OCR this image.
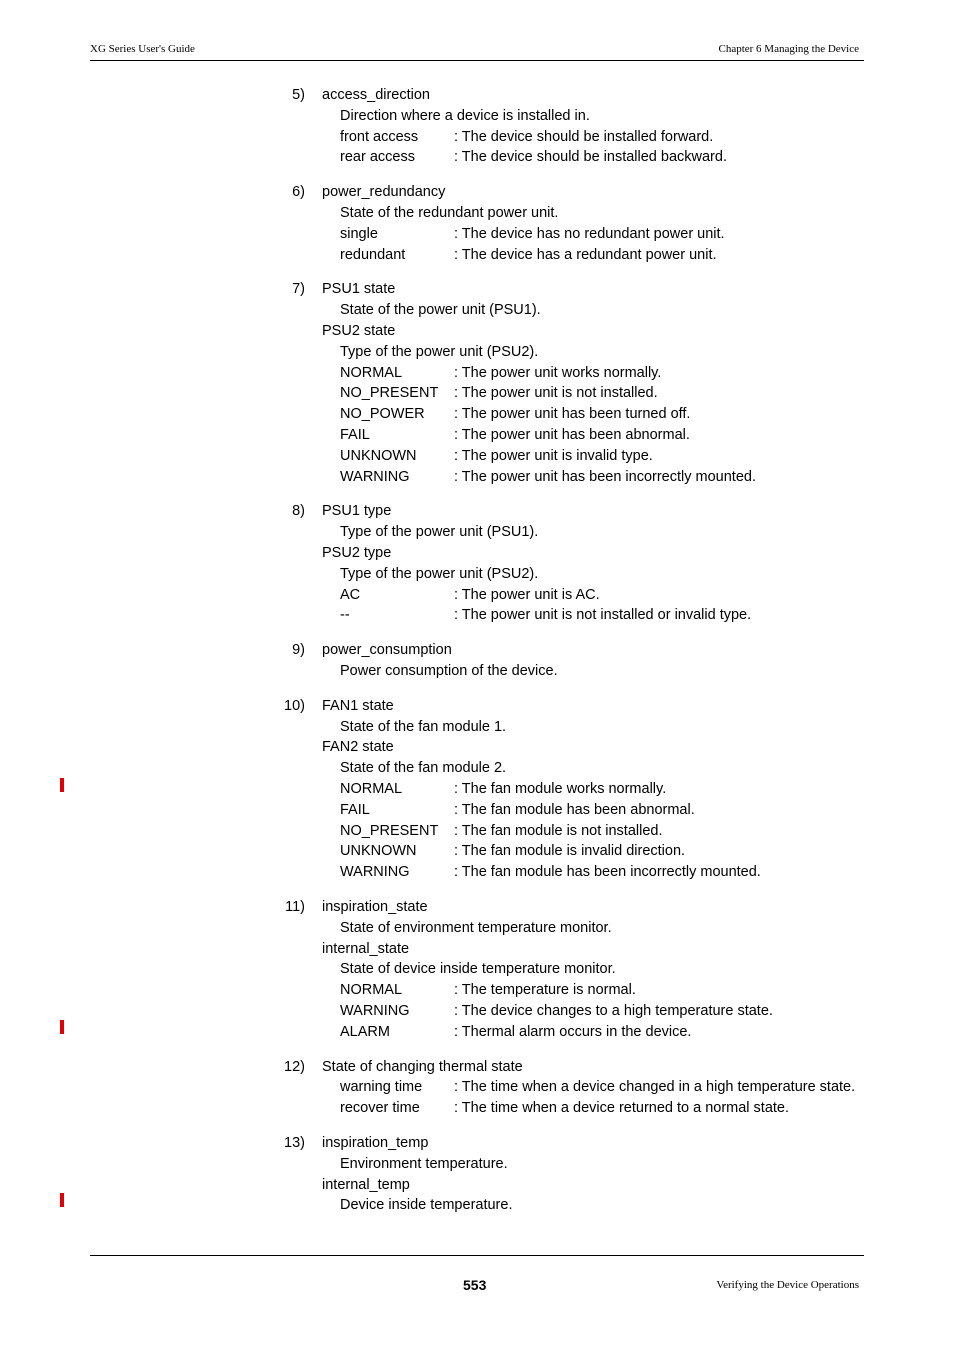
XG Series User's Guide	Chapter 6 Managing the Device
5) access_direction
Direction where a device is installed in.
front access : The device should be installed forward.
rear access	: The device should be installed backward.
6) power_redundancy
State of the redundant power unit.
single	: The device has no redundant power unit.
redundant	: The device has a redundant power unit.
7) PSU1 state
State of the power unit (PSU1).
PSU2 state
Type of the power unit (PSU2).
NORMAL	: The power unit works normally.
NO_PRESENT : The power unit is not installed.
NO_POWER : The power unit has been turned off.
FAIL	: The power unit has been abnormal.
UNKNOWN	: The power unit is invalid type.
WARNING	: The power unit has been incorrectly mounted.
8) PSU1 type
Type of the power unit (PSU1).
PSU2 type
Type of the power unit (PSU2).
AC	: The power unit is AC.
--	: The power unit is not installed or invalid type.
9) power_consumption
Power consumption of the device.
10) FAN1 state
State of the fan module 1.
FAN2 state
State of the fan module 2.
NORMAL	: The fan module works normally.
FAIL	: The fan module has been abnormal.
NO_PRESENT : The fan module is not installed.
UNKNOWN	: The fan module is invalid direction.
WARNING	: The fan module has been incorrectly mounted.
11) inspiration_state
State of environment temperature monitor.
internal_state
State of device inside temperature monitor.
NORMAL	: The temperature is normal.
WARNING	: The device changes to a high temperature state.
ALARM	: Thermal alarm occurs in the device.
12) State of changing thermal state
warning time : The time when a device changed in a high temperature state.
recover time : The time when a device returned to a normal state.
13) inspiration_temp
Environment temperature.
internal_temp
Device inside temperature.
553	Verifying the Device Operations
